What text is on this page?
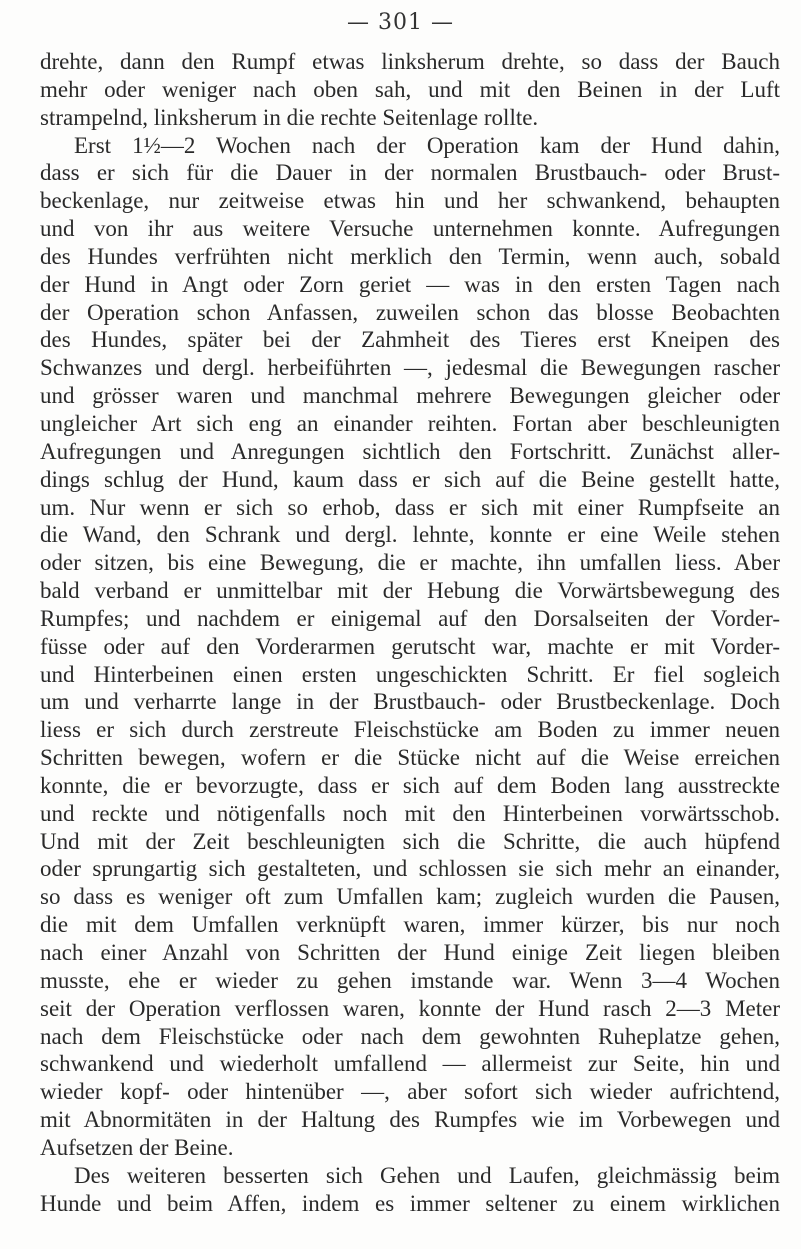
— 301 —
drehte, dann den Rumpf etwas linksherum drehte, so dass der Bauch
mehr oder weniger nach oben sah, und mit den Beinen in der Luft
strampelnd, linksherum in die rechte Seitenlage rollte.
Erst 1½—2 Wochen nach der Operation kam der Hund dahin,
dass er sich für die Dauer in der normalen Brustbauch- oder Brust-
beckenlage, nur zeitweise etwas hin und her schwankend, behaupten
und von ihr aus weitere Versuche unternehmen konnte. Aufregungen
des Hundes verfrühten nicht merklich den Termin, wenn auch, sobald
der Hund in Angt oder Zorn geriet — was in den ersten Tagen nach
der Operation schon Anfassen, zuweilen schon das blosse Beobachten
des Hundes, später bei der Zahmheit des Tieres erst Kneipen des
Schwanzes und dergl. herbeiführten —, jedesmal die Bewegungen rascher
und grösser waren und manchmal mehrere Bewegungen gleicher oder
ungleicher Art sich eng an einander reihten. Fortan aber beschleunigten
Aufregungen und Anregungen sichtlich den Fortschritt. Zunächst aller-
dings schlug der Hund, kaum dass er sich auf die Beine gestellt hatte,
um. Nur wenn er sich so erhob, dass er sich mit einer Rumpfseite an
die Wand, den Schrank und dergl. lehnte, konnte er eine Weile stehen
oder sitzen, bis eine Bewegung, die er machte, ihn umfallen liess. Aber
bald verband er unmittelbar mit der Hebung die Vorwärtsbewegung des
Rumpfes; und nachdem er einigemal auf den Dorsalseiten der Vorder-
füsse oder auf den Vorderarmen gerutscht war, machte er mit Vorder-
und Hinterbeinen einen ersten ungeschickten Schritt. Er fiel sogleich
um und verharrte lange in der Brustbauch- oder Brustbeckenlage. Doch
liess er sich durch zerstreute Fleischstücke am Boden zu immer neuen
Schritten bewegen, wofern er die Stücke nicht auf die Weise erreichen
konnte, die er bevorzugte, dass er sich auf dem Boden lang ausstreckte
und reckte und nötigenfalls noch mit den Hinterbeinen vorwärtsschob.
Und mit der Zeit beschleunigten sich die Schritte, die auch hüpfend
oder sprungartig sich gestalteten, und schlossen sie sich mehr an einander,
so dass es weniger oft zum Umfallen kam; zugleich wurden die Pausen,
die mit dem Umfallen verknüpft waren, immer kürzer, bis nur noch
nach einer Anzahl von Schritten der Hund einige Zeit liegen bleiben
musste, ehe er wieder zu gehen imstande war. Wenn 3—4 Wochen
seit der Operation verflossen waren, konnte der Hund rasch 2—3 Meter
nach dem Fleischstücke oder nach dem gewohnten Ruheplatze gehen,
schwankend und wiederholt umfallend — allermeist zur Seite, hin und
wieder kopf- oder hintenüber —, aber sofort sich wieder aufrichtend,
mit Abnormitäten in der Haltung des Rumpfes wie im Vorbewegen und
Aufsetzen der Beine.
Des weiteren besserten sich Gehen und Laufen, gleichmässig beim
Hunde und beim Affen, indem es immer seltener zu einem wirklichen
